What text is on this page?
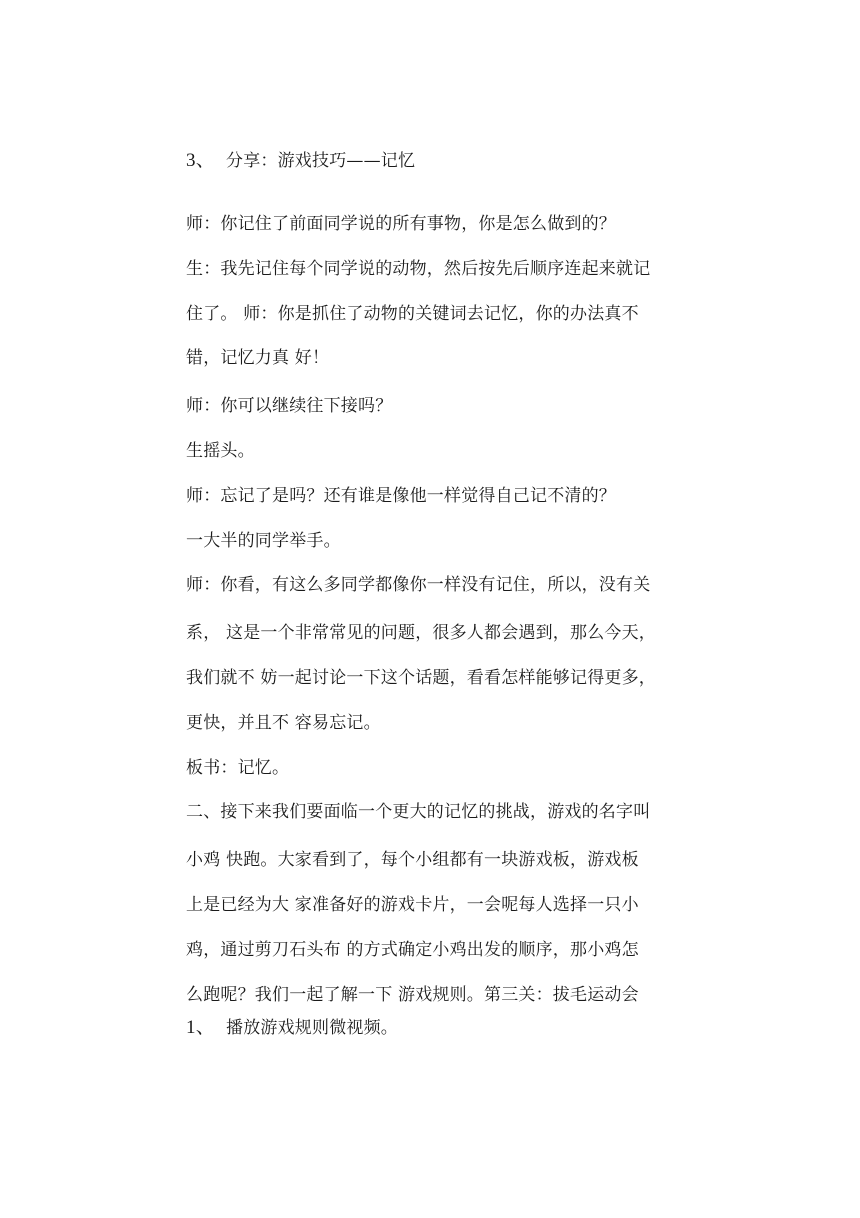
3、 分享：游戏技巧——记忆
师：你记住了前面同学说的所有事物，你是怎么做到的？
生：我先记住每个同学说的动物，然后按先后顺序连起来就记
住了。 师：你是抓住了动物的关键词去记忆，你的办法真不
错，记忆力真 好！
师：你可以继续往下接吗？
生摇头。
师：忘记了是吗？还有谁是像他一样觉得自己记不清的？
一大半的同学举手。
师：你看，有这么多同学都像你一样没有记住，所以，没有关
系， 这是一个非常常见的问题，很多人都会遇到，那么今天，
我们就不 妨一起讨论一下这个话题，看看怎样能够记得更多，
更快，并且不 容易忘记。
板书：记忆。
二、接下来我们要面临一个更大的记忆的挑战，游戏的名字叫
小鸡 快跑。大家看到了，每个小组都有一块游戏板，游戏板
上是已经为大 家准备好的游戏卡片，一会呢每人选择一只小
鸡，通过剪刀石头布 的方式确定小鸡出发的顺序，那小鸡怎
么跑呢？我们一起了解一下 游戏规则。第三关：拔毛运动会
1、 播放游戏规则微视频。
